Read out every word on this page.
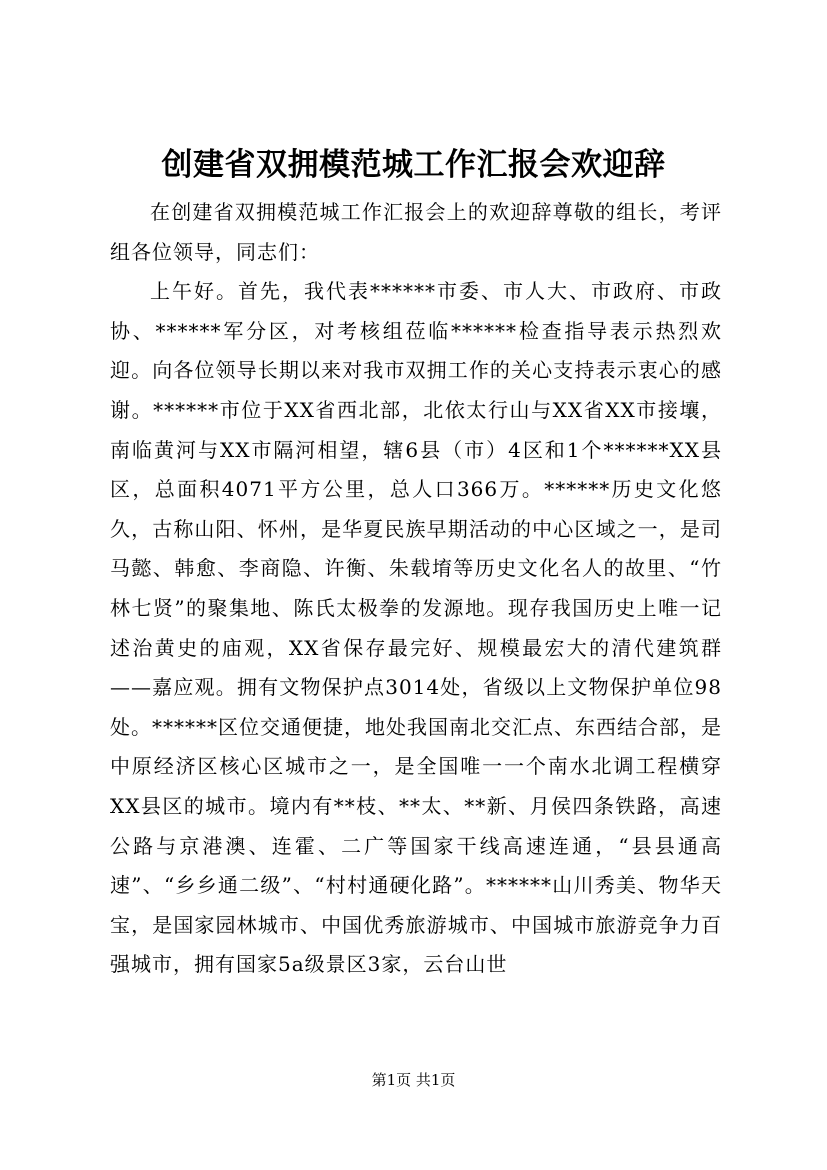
创建省双拥模范城工作汇报会欢迎辞

在创建省双拥模范城工作汇报会上的欢迎辞尊敬的组长，考评组各位领导，同志们：

上午好。首先，我代表******市委、市人大、市政府、市政协、******军分区，对考核组莅临******检查指导表示热烈欢迎。向各位领导长期以来对我市双拥工作的关心支持表示衷心的感谢。******市位于XX省西北部，北依太行山与XX省XX市接壤，南临黄河与XX市隔河相望，辖6县（市）4区和1个******XX县区，总面积4071平方公里，总人口366万。******历史文化悠久，古称山阳、怀州，是华夏民族早期活动的中心区域之一，是司马懿、韩愈、李商隐、许衡、朱载堉等历史文化名人的故里、“竹林七贤”的聚集地、陈氏太极拳的发源地。现存我国历史上唯一记述治黄史的庙观，XX省保存最完好、规模最宏大的清代建筑群——嘉应观。拥有文物保护点3014处，省级以上文物保护单位98处。******区位交通便捷，地处我国南北交汇点、东西结合部，是中原经济区核心区城市之一，是全国唯一一个南水北调工程横穿XX县区的城市。境内有**枝、**太、**新、月侯四条铁路，高速公路与京港澳、连霍、二广等国家干线高速连通，“县县通高速”、“乡乡通二级”、“村村通硬化路”。******山川秀美、物华天宝，是国家园林城市、中国优秀旅游城市、中国城市旅游竞争力百强城市，拥有国家5a级景区3家，云台山世

第1页 共1页
